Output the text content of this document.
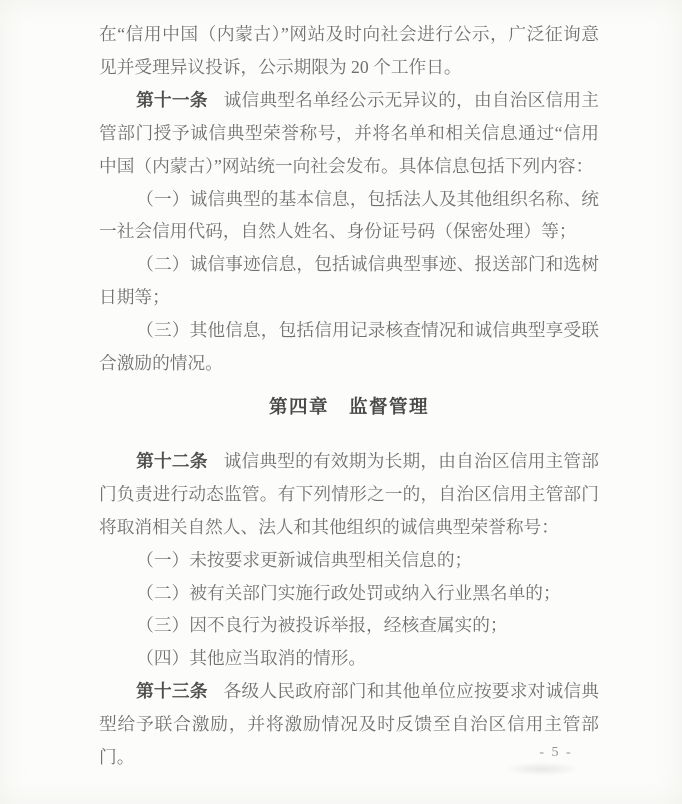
在“信用中国（内蒙古）”网站及时向社会进行公示，广泛征询意见并受理异议投诉，公示期限为 20 个工作日。

第十一条 诚信典型名单经公示无异议的，由自治区信用主管部门授予诚信典型荣誉称号，并将名单和相关信息通过“信用中国（内蒙古）”网站统一向社会发布。具体信息包括下列内容：

（一）诚信典型的基本信息，包括法人及其他组织名称、统一社会信用代码，自然人姓名、身份证号码（保密处理）等；

（二）诚信事迹信息，包括诚信典型事迹、报送部门和选树日期等；

（三）其他信息，包括信用记录核查情况和诚信典型享受联合激励的情况。

第四章　监督管理

第十二条 诚信典型的有效期为长期，由自治区信用主管部门负责进行动态监管。有下列情形之一的，自治区信用主管部门将取消相关自然人、法人和其他组织的诚信典型荣誉称号：

（一）未按要求更新诚信典型相关信息的；

（二）被有关部门实施行政处罚或纳入行业黑名单的；

（三）因不良行为被投诉举报，经核查属实的；

（四）其他应当取消的情形。

第十三条 各级人民政府部门和其他单位应按要求对诚信典型给予联合激励，并将激励情况及时反馈至自治区信用主管部门。	- 5 -
